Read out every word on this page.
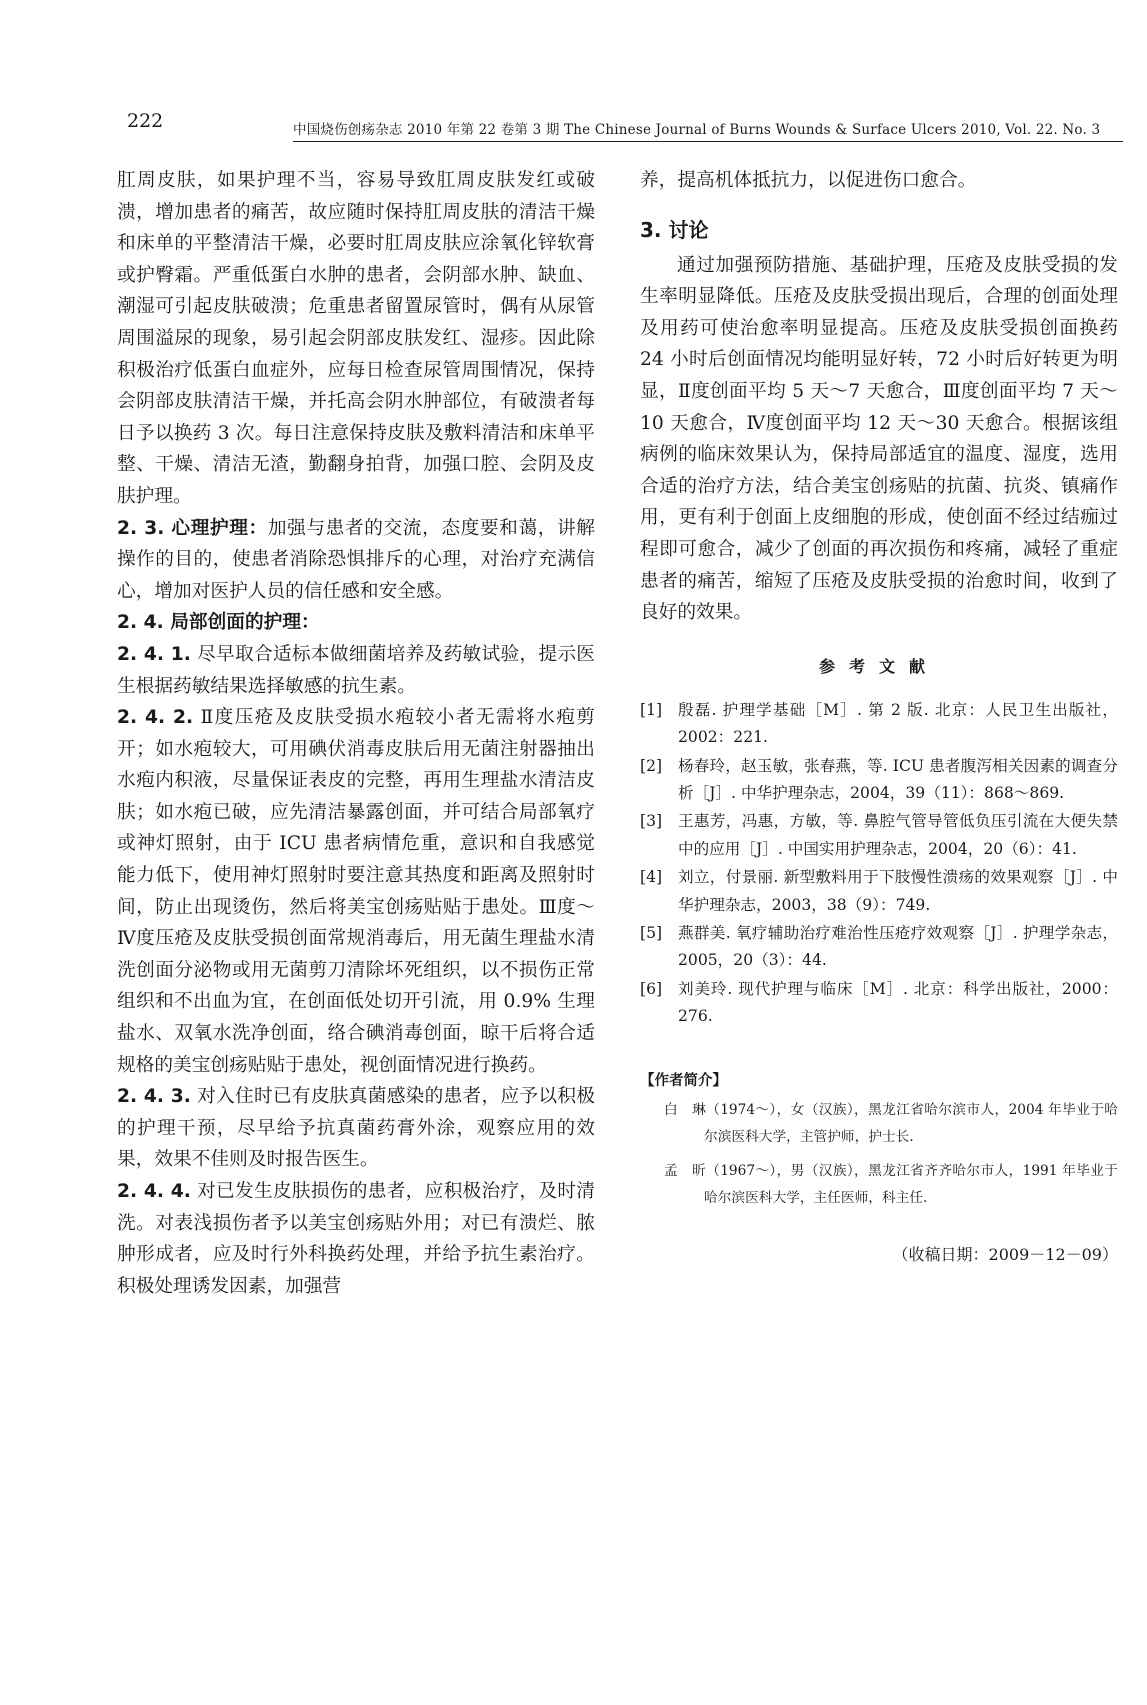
222	中国烧伤创疡杂志 2010 年第 22 卷第 3 期 The Chinese Journal of Burns Wounds & Surface Ulcers 2010, Vol. 22. No. 3

肛周皮肤，如果护理不当，容易导致肛周皮肤发红或破溃，增加患者的痛苦，故应随时保持肛周皮肤的清洁干燥和床单的平整清洁干燥，必要时肛周皮肤应涂氧化锌软膏或护臀霜。严重低蛋白水肿的患者，会阴部水肿、缺血、潮湿可引起皮肤破溃；危重患者留置尿管时，偶有从尿管周围溢尿的现象，易引起会阴部皮肤发红、湿疹。因此除积极治疗低蛋白血症外，应每日检查尿管周围情况，保持会阴部皮肤清洁干燥，并托高会阴水肿部位，有破溃者每日予以换药 3 次。每日注意保持皮肤及敷料清洁和床单平整、干燥、清洁无渣，勤翻身拍背，加强口腔、会阴及皮肤护理。

2. 3. 心理护理：加强与患者的交流，态度要和蔼，讲解操作的目的，使患者消除恐惧排斥的心理，对治疗充满信心，增加对医护人员的信任感和安全感。

2. 4. 局部创面的护理：

2. 4. 1. 尽早取合适标本做细菌培养及药敏试验，提示医生根据药敏结果选择敏感的抗生素。

2. 4. 2. Ⅱ度压疮及皮肤受损水疱较小者无需将水疱剪开；如水疱较大，可用碘伏消毒皮肤后用无菌注射器抽出水疱内积液，尽量保证表皮的完整，再用生理盐水清洁皮肤；如水疱已破，应先清洁暴露创面，并可结合局部氧疗或神灯照射，由于 ICU 患者病情危重，意识和自我感觉能力低下，使用神灯照射时要注意其热度和距离及照射时间，防止出现烫伤，然后将美宝创疡贴贴于患处。Ⅲ度～Ⅳ度压疮及皮肤受损创面常规消毒后，用无菌生理盐水清洗创面分泌物或用无菌剪刀清除坏死组织，以不损伤正常组织和不出血为宜，在创面低处切开引流，用 0.9% 生理盐水、双氧水洗净创面，络合碘消毒创面，晾干后将合适规格的美宝创疡贴贴于患处，视创面情况进行换药。

2. 4. 3. 对入住时已有皮肤真菌感染的患者，应予以积极的护理干预，尽早给予抗真菌药膏外涂，观察应用的效果，效果不佳则及时报告医生。

2. 4. 4. 对已发生皮肤损伤的患者，应积极治疗，及时清洗。对表浅损伤者予以美宝创疡贴外用；对已有溃烂、脓肿形成者，应及时行外科换药处理，并给予抗生素治疗。积极处理诱发因素，加强营

养，提高机体抵抗力，以促进伤口愈合。

3. 讨论

通过加强预防措施、基础护理，压疮及皮肤受损的发生率明显降低。压疮及皮肤受损出现后，合理的创面处理及用药可使治愈率明显提高。压疮及皮肤受损创面换药 24 小时后创面情况均能明显好转，72 小时后好转更为明显，Ⅱ度创面平均 5 天～7 天愈合，Ⅲ度创面平均 7 天～10 天愈合，Ⅳ度创面平均 12 天～30 天愈合。根据该组病例的临床效果认为，保持局部适宜的温度、湿度，选用合适的治疗方法，结合美宝创疡贴的抗菌、抗炎、镇痛作用，更有利于创面上皮细胞的形成，使创面不经过结痂过程即可愈合，减少了创面的再次损伤和疼痛，减轻了重症患者的痛苦，缩短了压疮及皮肤受损的治愈时间，收到了良好的效果。

参考文献
[1] 殷磊. 护理学基础［M］. 第 2 版. 北京：人民卫生出版社，2002：221.
[2] 杨春玲，赵玉敏，张春燕，等. ICU 患者腹泻相关因素的调查分析［J］. 中华护理杂志，2004，39（11）：868～869.
[3] 王惠芳，冯惠，方敏，等. 鼻腔气管导管低负压引流在大便失禁中的应用［J］. 中国实用护理杂志，2004，20（6）：41.
[4] 刘立，付景丽. 新型敷料用于下肢慢性溃疡的效果观察［J］. 中华护理杂志，2003，38（9）：749.
[5] 燕群美. 氧疗辅助治疗难治性压疮疗效观察［J］. 护理学杂志，2005，20（3）：44.
[6] 刘美玲. 现代护理与临床［M］. 北京：科学出版社，2000：276.
【作者简介】
白　琳（1974～），女（汉族），黑龙江省哈尔滨市人，2004 年毕业于哈尔滨医科大学，主管护师，护士长.
孟　昕（1967～），男（汉族），黑龙江省齐齐哈尔市人，1991 年毕业于哈尔滨医科大学，主任医师，科主任.
（收稿日期：2009－12－09）
